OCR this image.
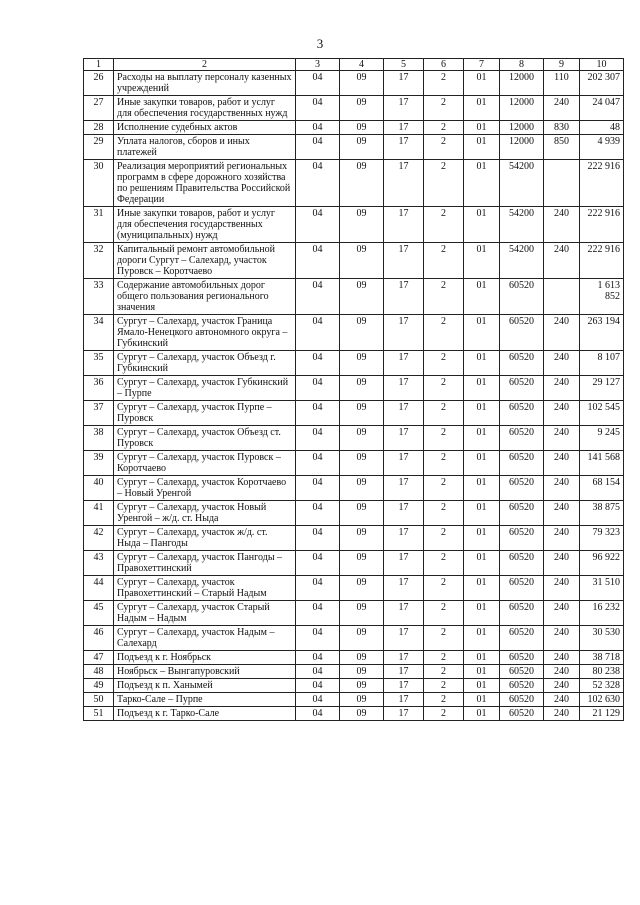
3
1	2	3	4	5	6	7	8	9	10
26	Расходы на выплату персоналу казенных учреждений	04	09	17	2	01	12000	110	202 307
27	Иные закупки товаров, работ и услуг для обеспечения государственных нужд	04	09	17	2	01	12000	240	24 047
28	Исполнение судебных актов	04	09	17	2	01	12000	830	48
29	Уплата налогов, сборов и иных платежей	04	09	17	2	01	12000	850	4 939
30	Реализация мероприятий региональных программ в сфере дорожного хозяйства по решениям Правительства Российской Федерации	04	09	17	2	01	54200		222 916
31	Иные закупки товаров, работ и услуг для обеспечения государственных (муниципальных) нужд	04	09	17	2	01	54200	240	222 916
32	Капитальный ремонт автомобильной дороги Сургут – Салехард, участок Пуровск – Коротчаево	04	09	17	2	01	54200	240	222 916
33	Содержание автомобильных дорог общего пользования регионального значения	04	09	17	2	01	60520		1 613 852
34	Сургут – Салехард, участок Граница Ямало-Ненецкого автономного округа – Губкинский	04	09	17	2	01	60520	240	263 194
35	Сургут – Салехард, участок Объезд г. Губкинский	04	09	17	2	01	60520	240	8 107
36	Сургут – Салехард, участок Губкинский – Пурпе	04	09	17	2	01	60520	240	29 127
37	Сургут – Салехард, участок Пурпе – Пуровск	04	09	17	2	01	60520	240	102 545
38	Сургут – Салехард, участок Объезд ст. Пуровск	04	09	17	2	01	60520	240	9 245
39	Сургут – Салехард, участок Пуровск – Коротчаево	04	09	17	2	01	60520	240	141 568
40	Сургут – Салехард, участок Коротчаево – Новый Уренгой	04	09	17	2	01	60520	240	68 154
41	Сургут – Салехард, участок Новый Уренгой – ж/д. ст. Ныда	04	09	17	2	01	60520	240	38 875
42	Сургут – Салехард, участок ж/д. ст. Ныда – Пангоды	04	09	17	2	01	60520	240	79 323
43	Сургут – Салехард, участок Пангоды – Правохеттинский	04	09	17	2	01	60520	240	96 922
44	Сургут – Салехард, участок Правохеттинский – Старый Надым	04	09	17	2	01	60520	240	31 510
45	Сургут – Салехард, участок Старый Надым – Надым	04	09	17	2	01	60520	240	16 232
46	Сургут – Салехард, участок Надым – Салехард	04	09	17	2	01	60520	240	30 530
47	Подъезд к г. Ноябрьск	04	09	17	2	01	60520	240	38 718
48	Ноябрьск – Вынгапуровский	04	09	17	2	01	60520	240	80 238
49	Подъезд к п. Ханымей	04	09	17	2	01	60520	240	52 328
50	Тарко-Сале – Пурпе	04	09	17	2	01	60520	240	102 630
51	Подъезд к г. Тарко-Сале	04	09	17	2	01	60520	240	21 129
